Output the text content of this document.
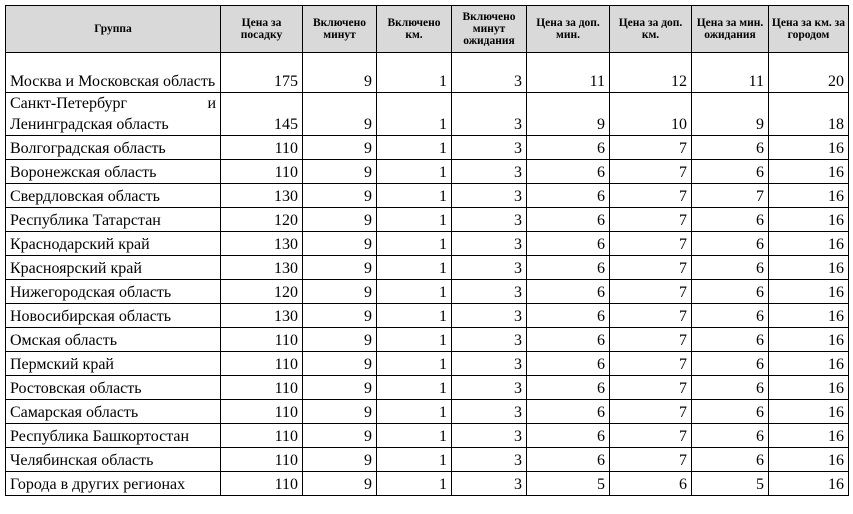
Группа	Цена за посадку	Включено минут	Включено км.	Включено минут ожидания	Цена за доп. мин.	Цена за доп. км.	Цена за мин. ожидания	Цена за км. за городом
Москва и Московская область	175	9	1	3	11	12	11	20
Санкт-Петербург и Ленинградская область	145	9	1	3	9	10	9	18
Волгоградская область	110	9	1	3	6	7	6	16
Воронежская область	110	9	1	3	6	7	6	16
Свердловская область	130	9	1	3	6	7	7	16
Республика Татарстан	120	9	1	3	6	7	6	16
Краснодарский край	130	9	1	3	6	7	6	16
Красноярский край	130	9	1	3	6	7	6	16
Нижегородская область	120	9	1	3	6	7	6	16
Новосибирская область	130	9	1	3	6	7	6	16
Омская область	110	9	1	3	6	7	6	16
Пермский край	110	9	1	3	6	7	6	16
Ростовская область	110	9	1	3	6	7	6	16
Самарская область	110	9	1	3	6	7	6	16
Республика Башкортостан	110	9	1	3	6	7	6	16
Челябинская область	110	9	1	3	6	7	6	16
Города в других регионах	110	9	1	3	5	6	5	16
